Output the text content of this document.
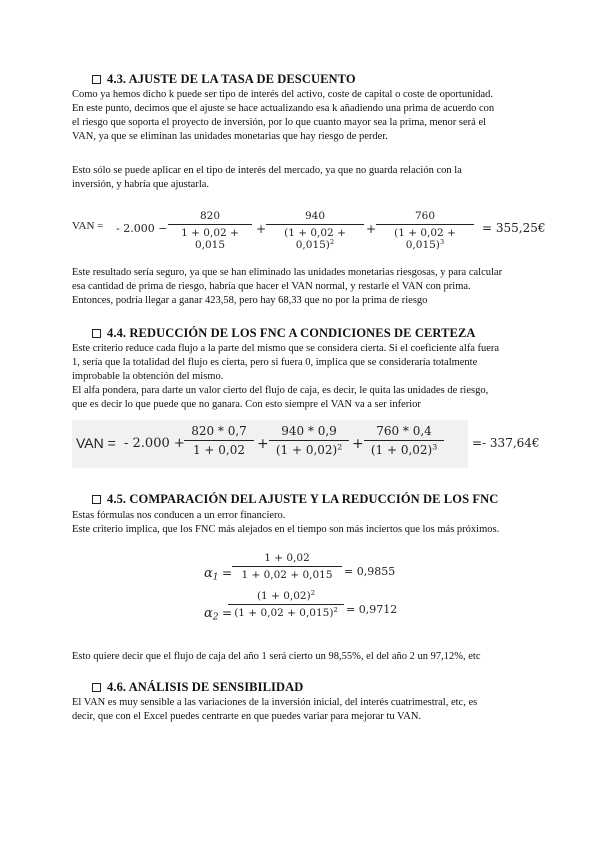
4.3. AJUSTE DE LA TASA DE DESCUENTO

Como ya hemos dicho k puede ser tipo de interés del activo, coste de capital o coste de oportunidad.
En este punto, decimos que el ajuste se hace actualizando esa k añadiendo una prima de acuerdo con
el riesgo que soporta el proyecto de inversión, por lo que cuanto mayor sea la prima, menor será el
VAN, ya que se eliminan las unidades monetarias que hay riesgo de perder.

Esto sólo se puede aplicar en el tipo de interés del mercado, ya que no guarda relación con la
inversión, y habría que ajustarla.

VAN = - $2.000 - \frac{820}{1 + 0,02 + 0,015} + \frac{940}{(1 + 0,02 + 0,015)^2} + \frac{760}{(1 + 0,02 + 0,015)^3}$ = 355,25€

Este resultado sería seguro, ya que se han eliminado las unidades monetarias riesgosas, y para calcular
esa cantidad de prima de riesgo, habría que hacer el VAN normal, y restarle el VAN con prima.
Entonces, podría llegar a ganar 423,58, pero hay 68,33 que no por la prima de riesgo

4.4. REDUCCIÓN DE LOS FNC A CONDICIONES DE CERTEZA

Este criterio reduce cada flujo a la parte del mismo que se considera cierta. Si el coeficiente alfa fuera
1, sería que la totalidad del flujo es cierta, pero si fuera 0, implica que se consideraría totalmente
improbable la obtención del mismo.
El alfa pondera, para darte un valor cierto del flujo de caja, es decir, le quita las unidades de riesgo,
que es decir lo que puede que no ganara. Con esto siempre el VAN va a ser inferior

VAN = - $2.000 + \frac{820 * 0,7}{1 + 0,02} + \frac{940 * 0,9}{(1 + 0,02)^2} + \frac{760 * 0,4}{(1 + 0,02)^3}$ =- 337,64€
4.5. COMPARACIÓN DEL AJUSTE Y LA REDUCCIÓN DE LOS FNC

Estas fórmulas nos conducen a un error financiero.
Este criterio implica, que los FNC más alejados en el tiempo son más inciertos que los más próximos.

$\alpha_1 = \frac{1 + 0,02}{1 + 0,02 + 0,015} = 0,9855$
$\alpha_2$ =
$\frac{(1 + 0,02)^2}{(1 + 0,02 + 0,015)^2} = 0,9712$

Esto quiere decir que el flujo de caja del año 1 será cierto un 98,55%, el del año 2 un 97,12%, etc

4.6. ANÁLISIS DE SENSIBILIDAD

El VAN es muy sensible a las variaciones de la inversión inicial, del interés cuatrimestral, etc, es
decir, que con el Excel puedes centrarte en que puedes variar para mejorar tu VAN.
